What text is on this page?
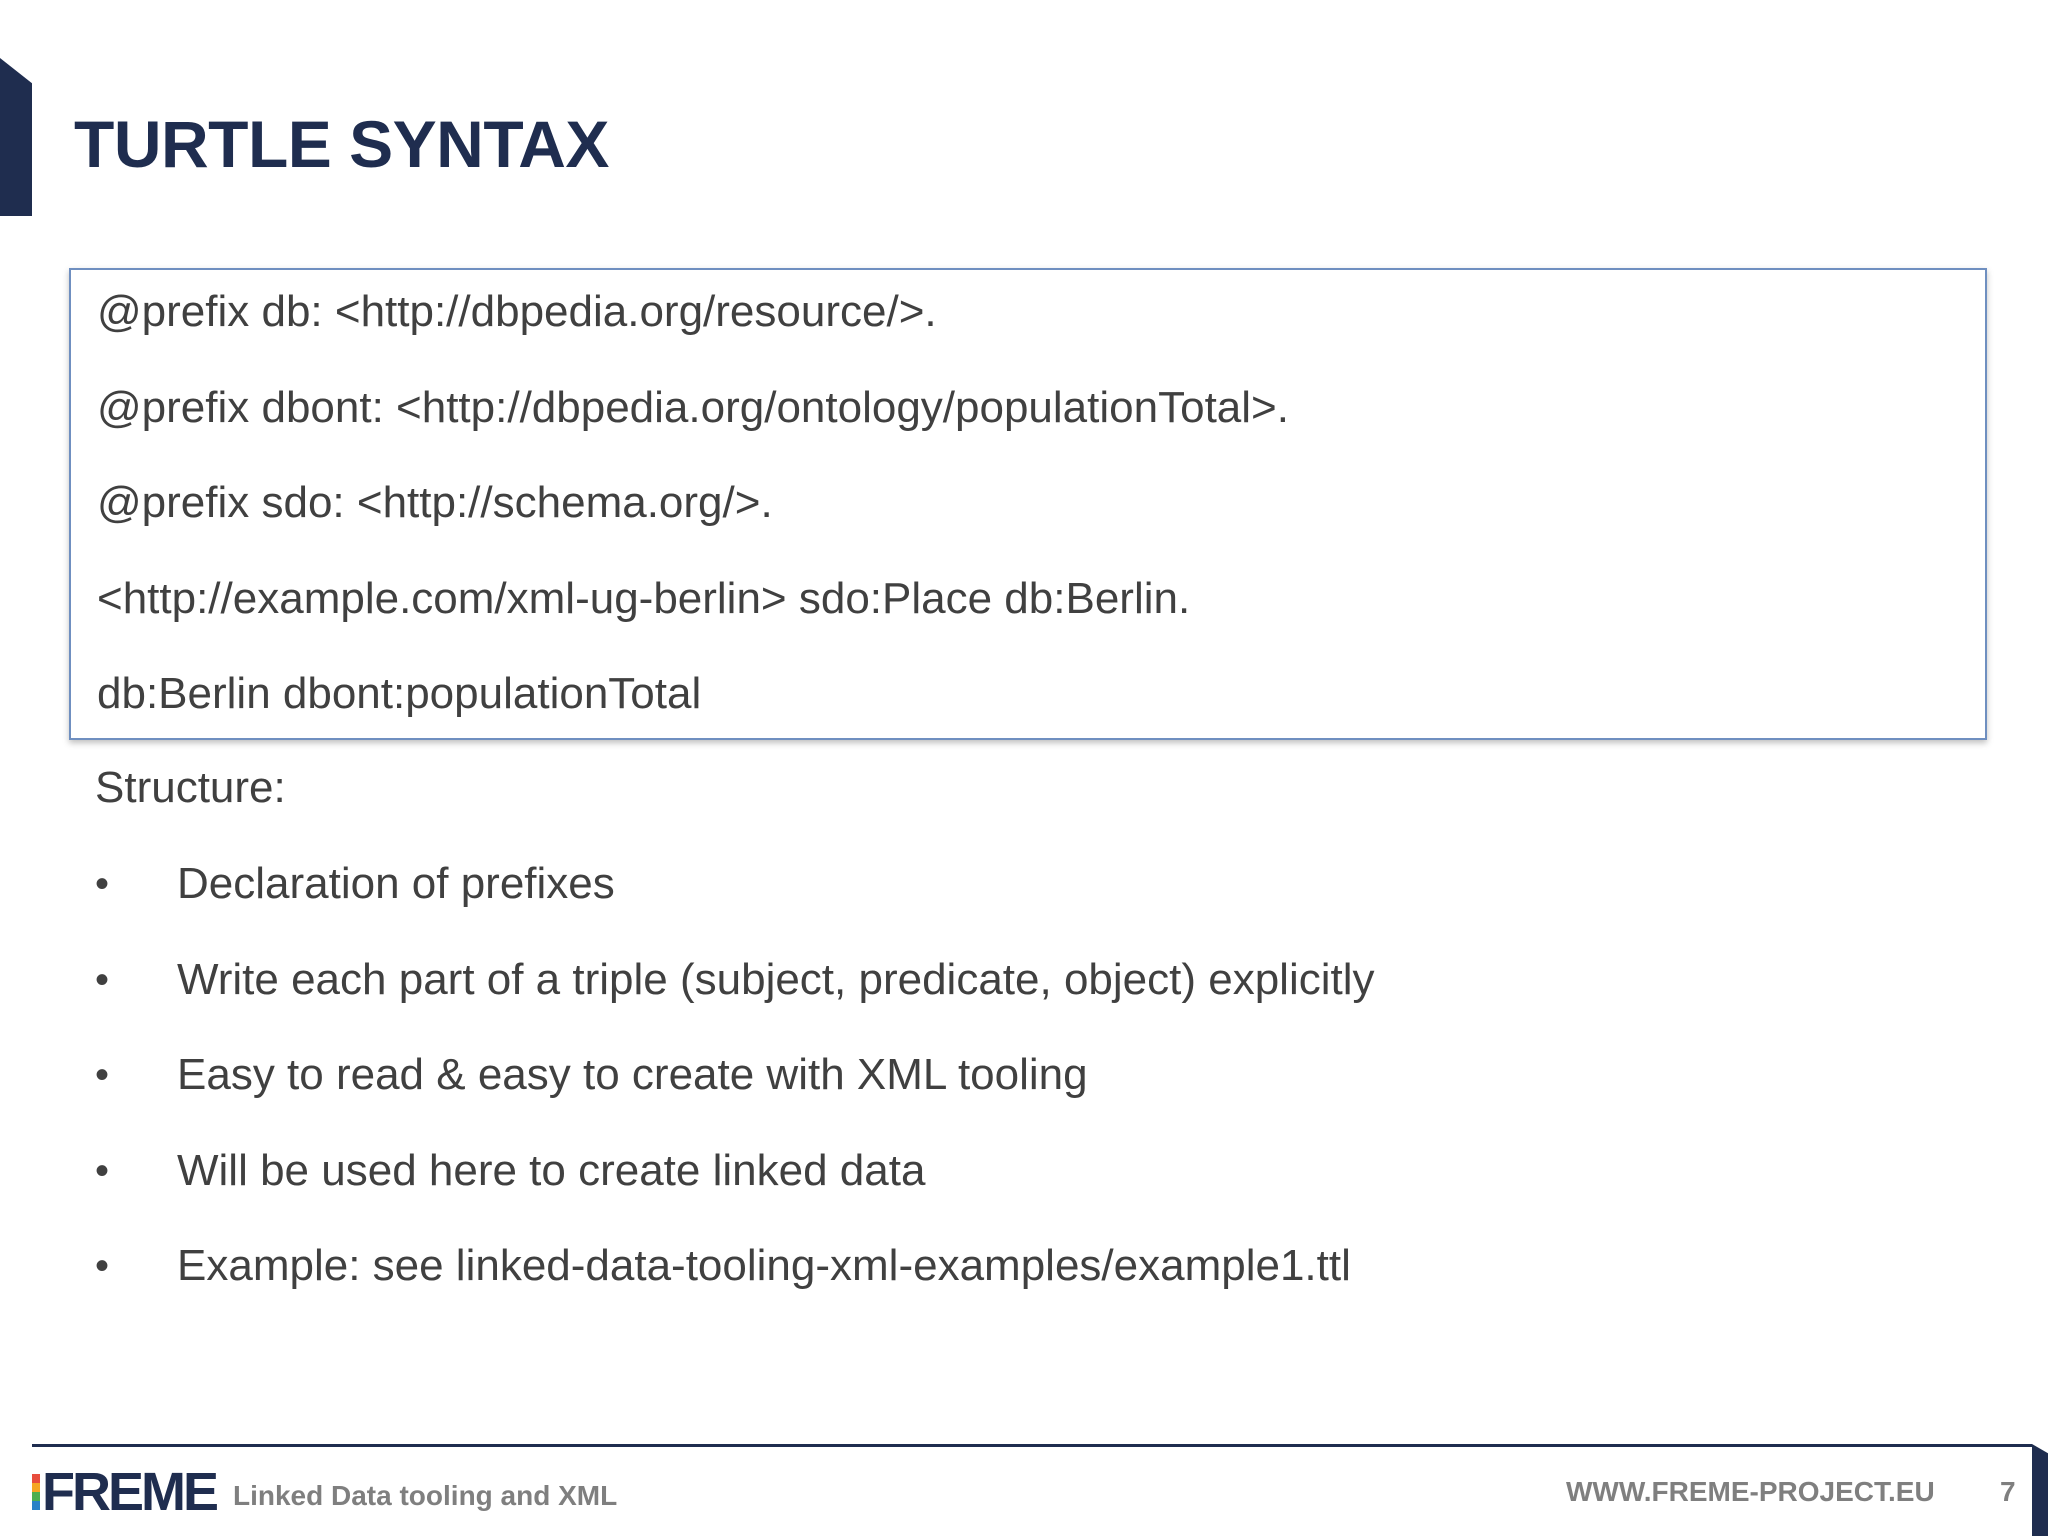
TURTLE SYNTAX
@prefix db: <http://dbpedia.org/resource/>.
@prefix dbont: <http://dbpedia.org/ontology/populationTotal>.
@prefix sdo: <http://schema.org/>.
<http://example.com/xml-ug-berlin> sdo:Place db:Berlin.
db:Berlin dbont:populationTotal
Structure:
• Declaration of prefixes
• Write each part of a triple (subject, predicate, object) explicitly
• Easy to read & easy to create with XML tooling
• Will be used here to create linked data
• Example: see linked-data-tooling-xml-examples/example1.ttl
FREME Linked Data tooling and XML	WWW.FREME-PROJECT.EU 7
